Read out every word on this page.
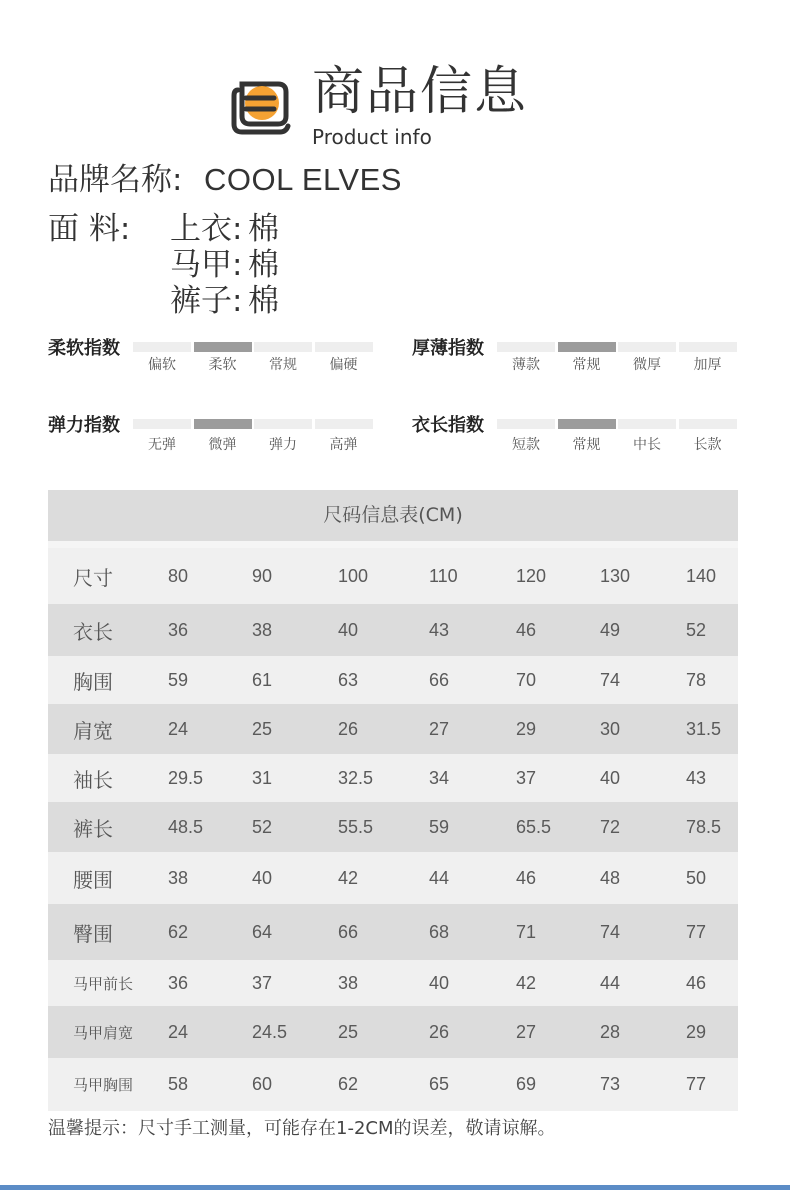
商品信息
Product info
品牌名称: COOL ELVES
面 料: 上衣 : 棉
马甲 : 棉
裤子 : 棉
柔软指数
偏软	柔软	常规	偏硬
厚薄指数
薄款	常规	微厚	加厚
弹力指数
无弹	微弹	弹力	高弹
衣长指数
短款	常规	中长	长款
尺码信息表(CM)
尺寸	80	90	100	110	120	130	140
衣长	36	38	40	43	46	49	52
胸围	59	61	63	66	70	74	78
肩宽	24	25	26	27	29	30	31.5
袖长	29.5	31	32.5	34	37	40	43
裤长	48.5	52	55.5	59	65.5	72	78.5
腰围	38	40	42	44	46	48	50
臀围	62	64	66	68	71	74	77
马甲前长 36	37	38	40	42	44	46
马甲肩宽 24	24.5	25	26	27	28	29
马甲胸围 58	60	62	65	69	73	77
温馨提示：尺寸手工测量，可能存在1-2CM的误差，敬请谅解。
